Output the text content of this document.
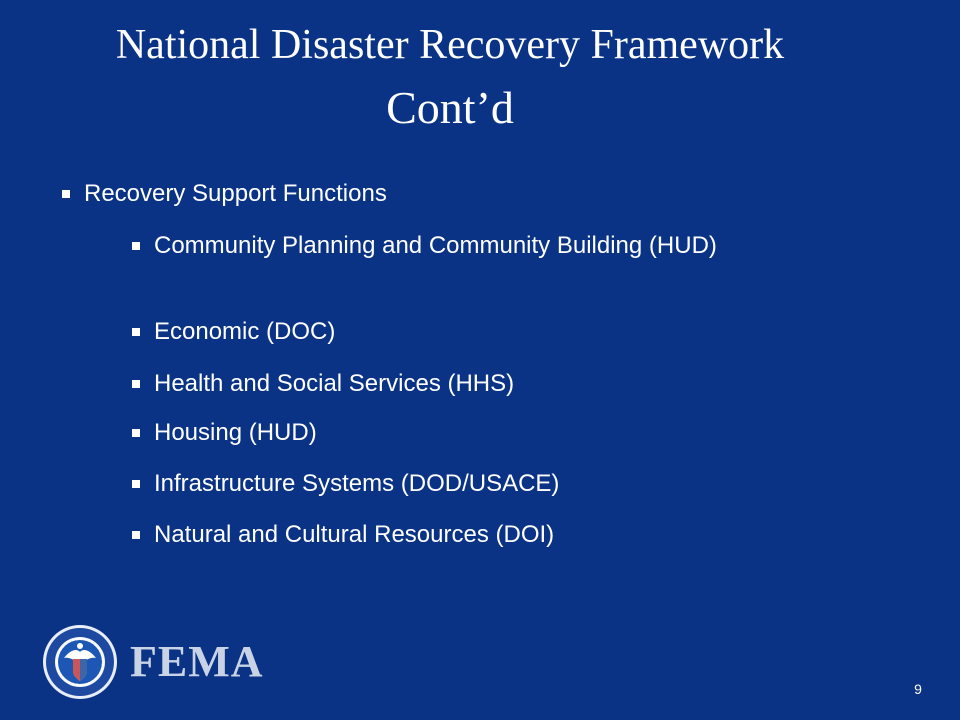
National Disaster Recovery Framework
Cont’d
Recovery Support Functions
Community Planning and Community Building (HUD)
Economic (DOC)
Health and Social Services (HHS)
Housing (HUD)
Infrastructure Systems (DOD/USACE)
Natural and Cultural Resources (DOI)
FEMA
9
